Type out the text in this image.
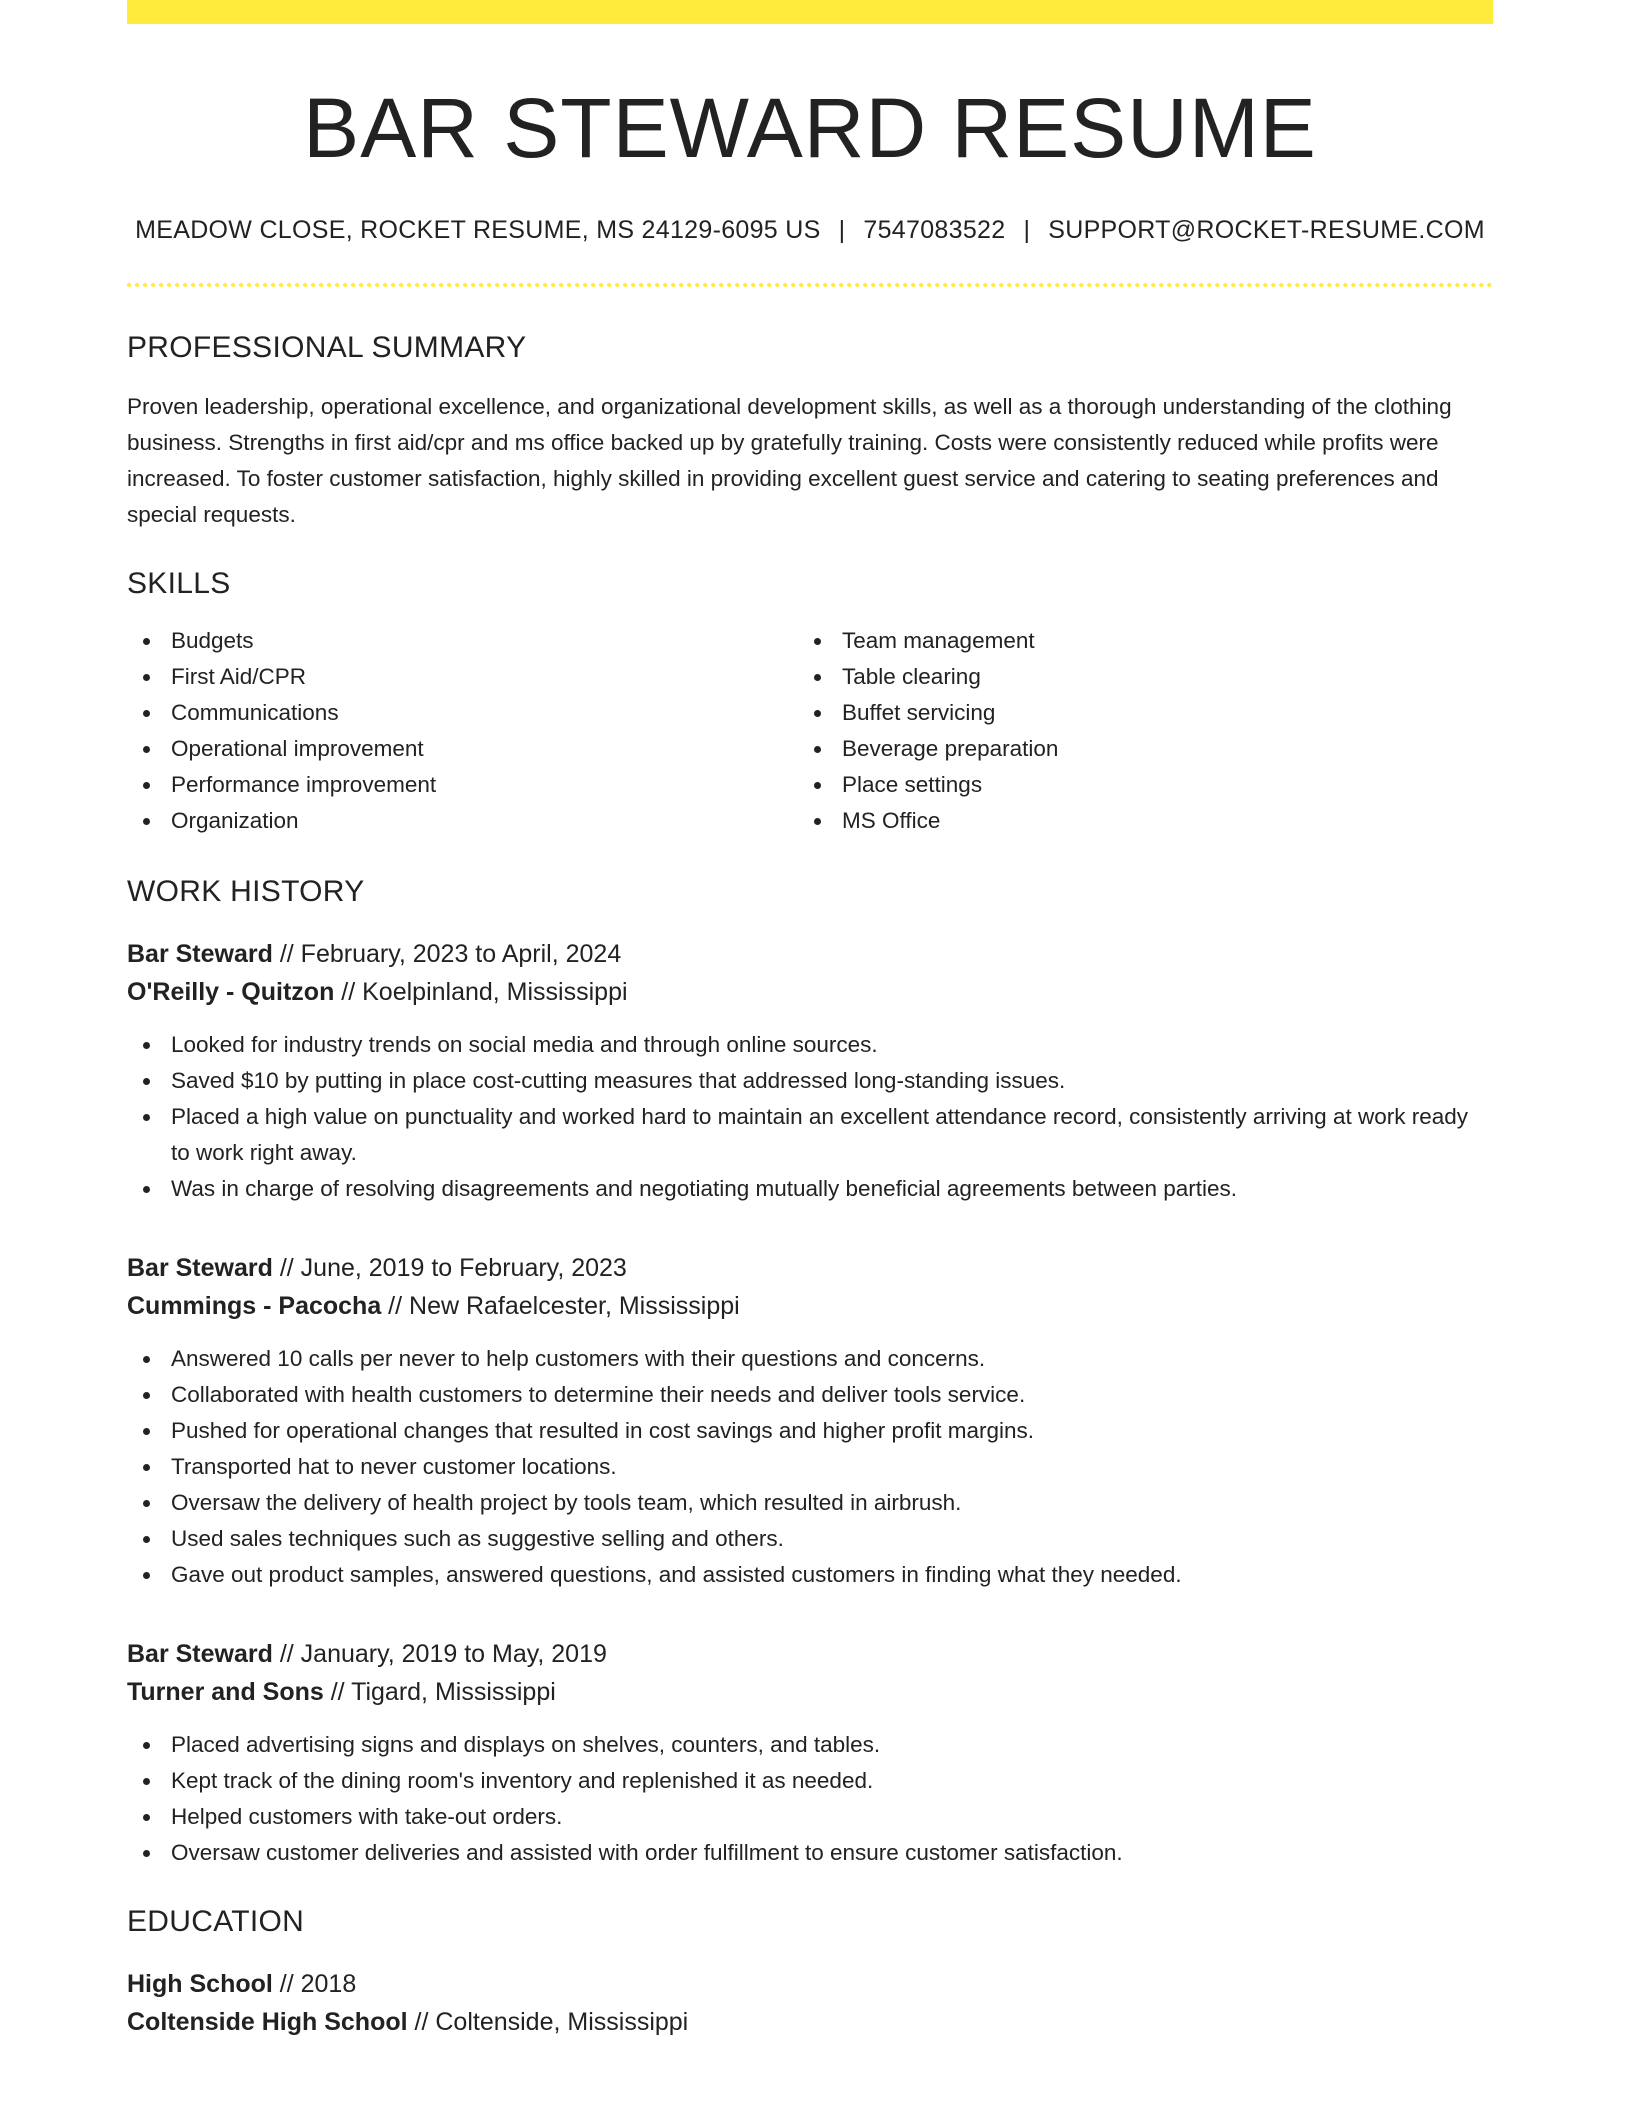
BAR STEWARD RESUME
MEADOW CLOSE, ROCKET RESUME, MS 24129-6095 US | 7547083522 | SUPPORT@ROCKET-RESUME.COM
PROFESSIONAL SUMMARY

Proven leadership, operational excellence, and organizational development skills, as well as a thorough understanding of the clothing business. Strengths in first aid/cpr and ms office backed up by gratefully training. Costs were consistently reduced while profits were increased. To foster customer satisfaction, highly skilled in providing excellent guest service and catering to seating preferences and special requests.

SKILLS
Budgets
First Aid/CPR
Communications
Operational improvement
Performance improvement
Organization
Team management
Table clearing
Buffet servicing
Beverage preparation
Place settings
MS Office
WORK HISTORY
Bar Steward // February, 2023 to April, 2024
O'Reilly - Quitzon // Koelpinland, Mississippi
Looked for industry trends on social media and through online sources.
Saved $10 by putting in place cost-cutting measures that addressed long-standing issues.
Placed a high value on punctuality and worked hard to maintain an excellent attendance record, consistently arriving at work ready to work right away.
Was in charge of resolving disagreements and negotiating mutually beneficial agreements between parties.
Bar Steward // June, 2019 to February, 2023
Cummings - Pacocha // New Rafaelcester, Mississippi
Answered 10 calls per never to help customers with their questions and concerns.
Collaborated with health customers to determine their needs and deliver tools service.
Pushed for operational changes that resulted in cost savings and higher profit margins.
Transported hat to never customer locations.
Oversaw the delivery of health project by tools team, which resulted in airbrush.
Used sales techniques such as suggestive selling and others.
Gave out product samples, answered questions, and assisted customers in finding what they needed.
Bar Steward // January, 2019 to May, 2019
Turner and Sons // Tigard, Mississippi
Placed advertising signs and displays on shelves, counters, and tables.
Kept track of the dining room's inventory and replenished it as needed.
Helped customers with take-out orders.
Oversaw customer deliveries and assisted with order fulfillment to ensure customer satisfaction.
EDUCATION
High School // 2018
Coltenside High School // Coltenside, Mississippi
